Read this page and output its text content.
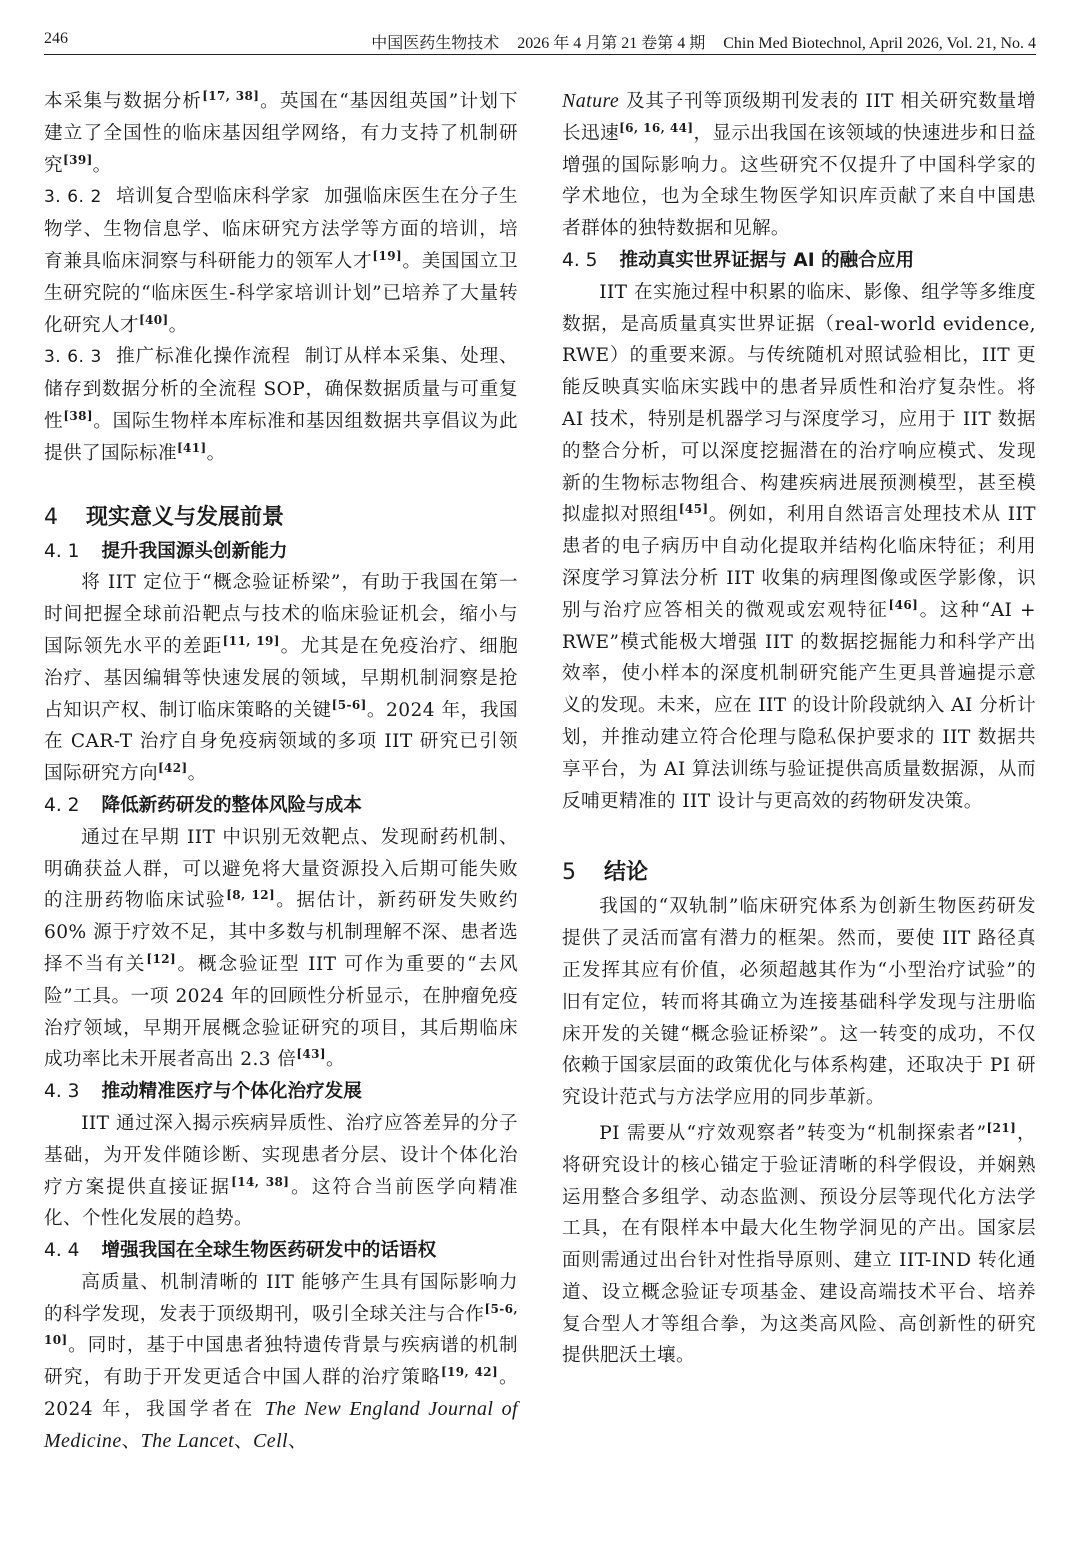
246	中国医药生物技术 2026 年 4 月第 21 卷第 4 期 Chin Med Biotechnol, April 2026, Vol. 21, No. 4

本采集与数据分析[17, 38]。英国在“基因组英国”计划下建立了全国性的临床基因组学网络，有力支持了机制研究[39]。

3. 6. 2 培训复合型临床科学家 加强临床医生在分子生物学、生物信息学、临床研究方法学等方面的培训，培育兼具临床洞察与科研能力的领军人才[19]。美国国立卫生研究院的“临床医生-科学家培训计划”已培养了大量转化研究人才[40]。

3. 6. 3 推广标准化操作流程 制订从样本采集、处理、储存到数据分析的全流程 SOP，确保数据质量与可重复性[38]。国际生物样本库标准和基因组数据共享倡议为此提供了国际标准[41]。

4 现实意义与发展前景

4. 1 提升我国源头创新能力

将 IIT 定位于“概念验证桥梁”，有助于我国在第一时间把握全球前沿靶点与技术的临床验证机会，缩小与国际领先水平的差距[11, 19]。尤其是在免疫治疗、细胞治疗、基因编辑等快速发展的领域，早期机制洞察是抢占知识产权、制订临床策略的关键[5-6]。2024 年，我国在 CAR-T 治疗自身免疫病领域的多项 IIT 研究已引领国际研究方向[42]。

4. 2 降低新药研发的整体风险与成本

通过在早期 IIT 中识别无效靶点、发现耐药机制、明确获益人群，可以避免将大量资源投入后期可能失败的注册药物临床试验[8, 12]。据估计，新药研发失败约 60% 源于疗效不足，其中多数与机制理解不深、患者选择不当有关[12]。概念验证型 IIT 可作为重要的“去风险”工具。一项 2024 年的回顾性分析显示，在肿瘤免疫治疗领域，早期开展概念验证研究的项目，其后期临床成功率比未开展者高出 2.3 倍[43]。

4. 3 推动精准医疗与个体化治疗发展

IIT 通过深入揭示疾病异质性、治疗应答差异的分子基础，为开发伴随诊断、实现患者分层、设计个体化治疗方案提供直接证据[14, 38]。这符合当前医学向精准化、个性化发展的趋势。

4. 4 增强我国在全球生物医药研发中的话语权

高质量、机制清晰的 IIT 能够产生具有国际影响力的科学发现，发表于顶级期刊，吸引全球关注与合作[5-6, 10]。同时，基于中国患者独特遗传背景与疾病谱的机制研究，有助于开发更适合中国人群的治疗策略[19, 42]。2024 年，我国学者在 The New England Journal of Medicine、The Lancet、Cell、

Nature 及其子刊等顶级期刊发表的 IIT 相关研究数量增长迅速[6, 16, 44]，显示出我国在该领域的快速进步和日益增强的国际影响力。这些研究不仅提升了中国科学家的学术地位，也为全球生物医学知识库贡献了来自中国患者群体的独特数据和见解。

4. 5 推动真实世界证据与 AI 的融合应用

IIT 在实施过程中积累的临床、影像、组学等多维度数据，是高质量真实世界证据（real-world evidence, RWE）的重要来源。与传统随机对照试验相比，IIT 更能反映真实临床实践中的患者异质性和治疗复杂性。将 AI 技术，特别是机器学习与深度学习，应用于 IIT 数据的整合分析，可以深度挖掘潜在的治疗响应模式、发现新的生物标志物组合、构建疾病进展预测模型，甚至模拟虚拟对照组[45]。例如，利用自然语言处理技术从 IIT 患者的电子病历中自动化提取并结构化临床特征；利用深度学习算法分析 IIT 收集的病理图像或医学影像，识别与治疗应答相关的微观或宏观特征[46]。这种“AI + RWE”模式能极大增强 IIT 的数据挖掘能力和科学产出效率，使小样本的深度机制研究能产生更具普遍提示意义的发现。未来，应在 IIT 的设计阶段就纳入 AI 分析计划，并推动建立符合伦理与隐私保护要求的 IIT 数据共享平台，为 AI 算法训练与验证提供高质量数据源，从而反哺更精准的 IIT 设计与更高效的药物研发决策。

5 结论

我国的“双轨制”临床研究体系为创新生物医药研发提供了灵活而富有潜力的框架。然而，要使 IIT 路径真正发挥其应有价值，必须超越其作为“小型治疗试验”的旧有定位，转而将其确立为连接基础科学发现与注册临床开发的关键“概念验证桥梁”。这一转变的成功，不仅依赖于国家层面的政策优化与体系构建，还取决于 PI 研究设计范式与方法学应用的同步革新。

PI 需要从“疗效观察者”转变为“机制探索者”[21]，将研究设计的核心锚定于验证清晰的科学假设，并娴熟运用整合多组学、动态监测、预设分层等现代化方法学工具，在有限样本中最大化生物学洞见的产出。国家层面则需通过出台针对性指导原则、建立 IIT-IND 转化通道、设立概念验证专项基金、建设高端技术平台、培养复合型人才等组合拳，为这类高风险、高创新性的研究提供肥沃土壤。
